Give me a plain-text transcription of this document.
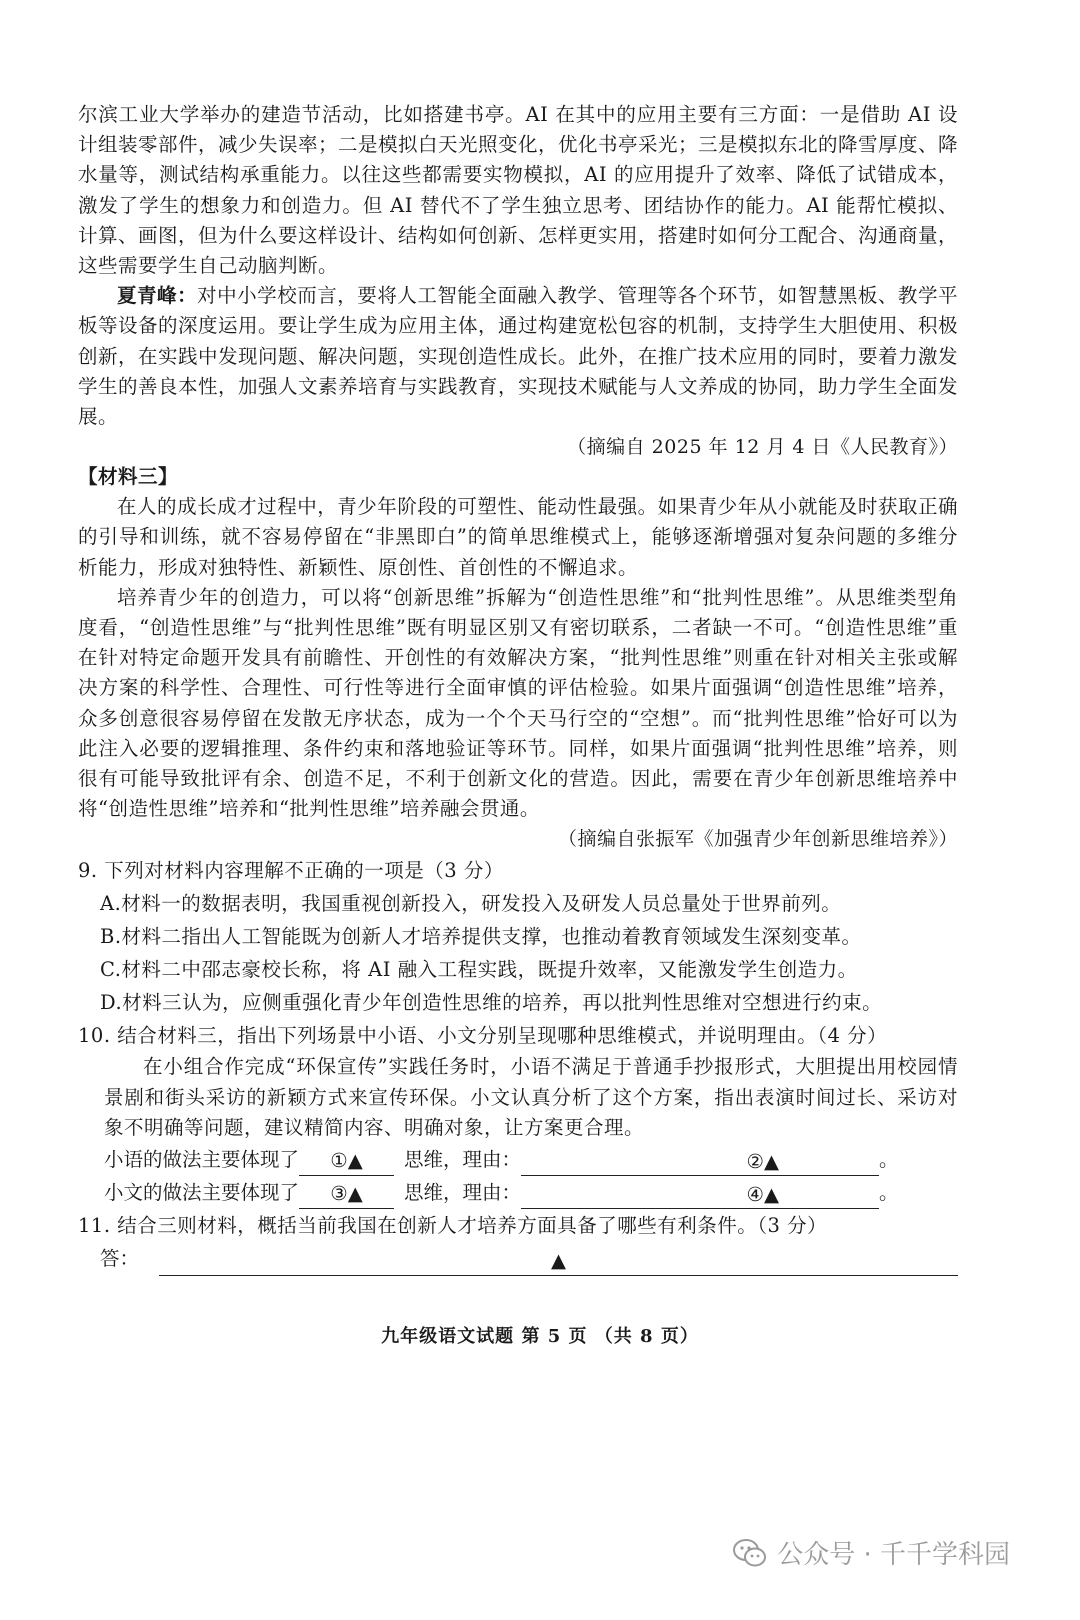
尔滨工业大学举办的建造节活动，比如搭建书亭。AI 在其中的应用主要有三方面：一是借助 AI 设计组装零部件，减少失误率；二是模拟白天光照变化，优化书亭采光；三是模拟东北的降雪厚度、降水量等，测试结构承重能力。以往这些都需要实物模拟，AI 的应用提升了效率、降低了试错成本，激发了学生的想象力和创造力。但 AI 替代不了学生独立思考、团结协作的能力。AI 能帮忙模拟、计算、画图，但为什么要这样设计、结构如何创新、怎样更实用，搭建时如何分工配合、沟通商量，这些需要学生自己动脑判断。

夏青峰：对中小学校而言，要将人工智能全面融入教学、管理等各个环节，如智慧黑板、教学平板等设备的深度运用。要让学生成为应用主体，通过构建宽松包容的机制，支持学生大胆使用、积极创新，在实践中发现问题、解决问题，实现创造性成长。此外，在推广技术应用的同时，要着力激发学生的善良本性，加强人文素养培育与实践教育，实现技术赋能与人文养成的协同，助力学生全面发展。

（摘编自 2025 年 12 月 4 日《人民教育》）

【材料三】

在人的成长成才过程中，青少年阶段的可塑性、能动性最强。如果青少年从小就能及时获取正确的引导和训练，就不容易停留在“非黑即白”的简单思维模式上，能够逐渐增强对复杂问题的多维分析能力，形成对独特性、新颖性、原创性、首创性的不懈追求。

培养青少年的创造力，可以将“创新思维”拆解为“创造性思维”和“批判性思维”。从思维类型角度看，“创造性思维”与“批判性思维”既有明显区别又有密切联系，二者缺一不可。“创造性思维”重在针对特定命题开发具有前瞻性、开创性的有效解决方案，“批判性思维”则重在针对相关主张或解决方案的科学性、合理性、可行性等进行全面审慎的评估检验。如果片面强调“创造性思维”培养，众多创意很容易停留在发散无序状态，成为一个个天马行空的“空想”。而“批判性思维”恰好可以为此注入必要的逻辑推理、条件约束和落地验证等环节。同样，如果片面强调“批判性思维”培养，则很有可能导致批评有余、创造不足，不利于创新文化的营造。因此，需要在青少年创新思维培养中将“创造性思维”培养和“批判性思维”培养融会贯通。

（摘编自张振军《加强青少年创新思维培养》）

9. 下列对材料内容理解不正确的一项是（3 分）

A.材料一的数据表明，我国重视创新投入，研发投入及研发人员总量处于世界前列。

B.材料二指出人工智能既为创新人才培养提供支撑，也推动着教育领域发生深刻变革。

C.材料二中邵志豪校长称，将 AI 融入工程实践，既提升效率，又能激发学生创造力。

D.材料三认为，应侧重强化青少年创造性思维的培养，再以批判性思维对空想进行约束。

10. 结合材料三，指出下列场景中小语、小文分别呈现哪种思维模式，并说明理由。（4 分）

在小组合作完成“环保宣传”实践任务时，小语不满足于普通手抄报形式，大胆提出用校园情景剧和街头采访的新颖方式来宣传环保。小文认真分析了这个方案，指出表演时间过长、采访对象不明确等问题，建议精简内容、明确对象，让方案更合理。

小语的做法主要体现了	①▲	思维，理由：	②▲	。
小文的做法主要体现了	③▲	思维，理由：	④▲	。

11. 结合三则材料，概括当前我国在创新人才培养方面具备了哪些有利条件。（3 分）

答：	▲
九年级语文试题 第 5 页 （共 8 页）
公众号 · 千千学科园
